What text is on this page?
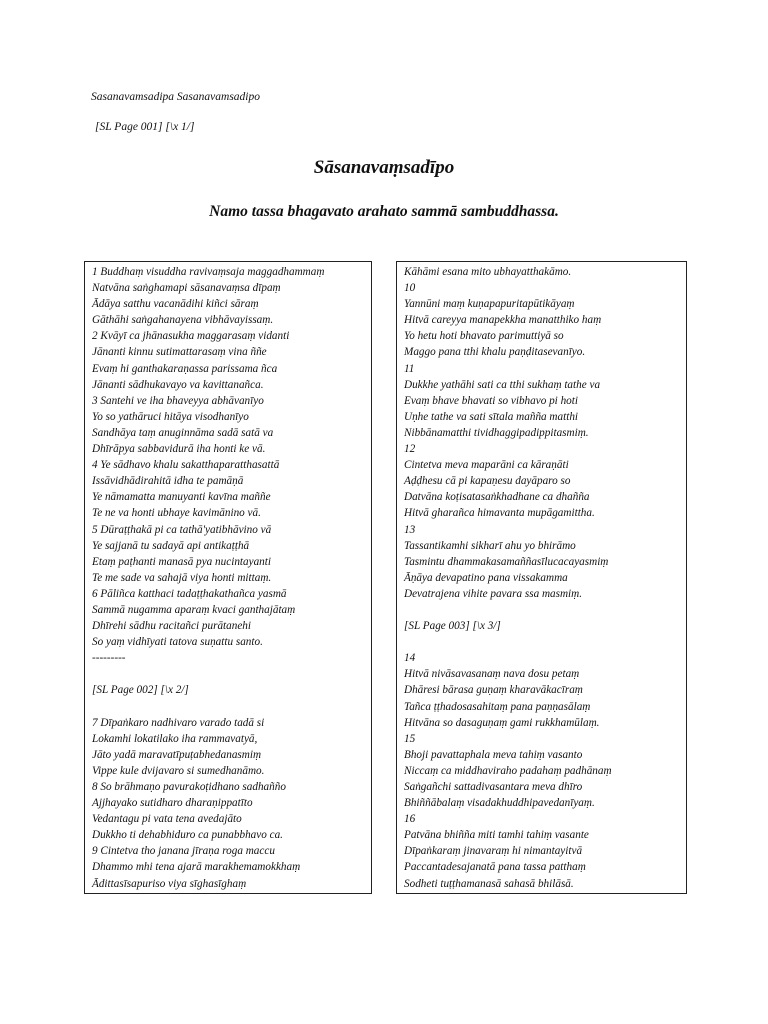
Sasanavamsadipa Sasanavamsadipo
[SL Page 001] [\x 1/]
Sāsanavaṃsadīpo
Namo tassa bhagavato arahato sammā sambuddhassa.
1 Buddhaṃ visuddha ravivaṃsaja maggadhammaṃ
Natvāna saṅghamapi sāsanavaṃsa dīpaṃ
Ādāya satthu vacanādihi kiñci sāraṃ
Gāthāhi saṅgahanayena vibhāvayissaṃ.
2 Kvāyī ca jhānasukha maggarasaṃ vidanti
Jānanti kinnu sutimattarasaṃ vina ññe
Evaṃ hi ganthakaraṇassa parissama ñca
Jānanti sādhukavayo va kavittanañca.
3 Santehi ve iha bhaveyya abhāvanīyo
Yo so yathāruci hitāya visodhanīyo
Sandhāya taṃ anuginnāma sadā satā va
Dhīrāpya sabbavidurā iha honti ke vā.
4 Ye sādhavo khalu sakatthaparatthasattā
Issāvidhādirahitā idha te pamāṇā
Ye nāmamatta manuyanti kavīna maññe
Te ne va honti ubhaye kavimānino vā.
5 Dūraṭṭhakā pi ca tathā'yatibhāvino vā
Ye sajjanā tu sadayā api antikaṭṭhā
Etaṃ paṭhanti manasā pya nucintayanti
Te me sade va sahajā viya honti mittaṃ.
6 Pāliñca katthaci tadaṭṭhakathañca yasmā
Sammā nugamma aparaṃ kvaci ganthajātaṃ
Dhīrehi sādhu racitañci purātanehi
So yaṃ vidhīyati tatova suṇattu santo.
---------
[SL Page 002] [\x 2/]
7 Dīpaṅkaro nadhivaro varado tadā si
Lokamhi lokatilako iha rammavatyā,
Jāto yadā maravatīpuṭabhedanasmiṃ
Vippe kule dvijavaro si sumedhanāmo.
8 So brāhmaṇo pavurakoṭidhano sadhañño
Ajjhayako sutidharo dharaṇippatīto
Vedantagu pi vata tena avedajāto
Dukkho ti dehabhiduro ca punabbhavo ca.
9 Cintetva tho janana jīraṇa roga maccu
Dhammo mhi tena ajarā marakhemamokkhaṃ
Ādittasīsapuriso viya sīghasīghaṃ
Kāhāmi esana mito ubhayatthakāmo.
10
Yannūni maṃ kuṇapapuritapūtikāyaṃ
Hitvā careyya manapekkha manatthiko haṃ
Yo hetu hoti bhavato parimuttiyā so
Maggo pana tthi khalu paṇḍitasevanīyo.
11
Dukkhe yathāhi sati ca tthi sukhaṃ tathe va
Evaṃ bhave bhavati so vibhavo pi hoti
Uṇhe tathe va sati sītala mañña matthi
Nibbānamatthi tividhaggipadippitasmiṃ.
12
Cintetva meva maparāni ca kāraṇāti
Aḍḍhesu cā pi kapaṇesu dayāparo so
Datvāna koṭisatasaṅkhadhane ca dhañña
Hitvā gharañca himavanta mupāgamittha.
13
Tassantikamhi sikharī ahu yo bhirāmo
Tasmintu dhammakasamaññasīlucacayasmiṃ
Āṇāya devapatino pana vissakamma
Devatrajena vihite pavara ssa masmiṃ.
[SL Page 003] [\x 3/]
14
Hitvā nivāsavasanaṃ nava dosu petaṃ
Dhāresi bārasa guṇaṃ kharavākacīraṃ
Tañca ṭṭhadosasahitaṃ pana paṇṇasālaṃ
Hitvāna so dasaguṇaṃ gami rukkhamūlaṃ.
15
Bhoji pavattaphala meva tahiṃ vasanto
Niccaṃ ca middhaviraho padahaṃ padhānaṃ
Saṅgañchi sattadivasantara meva dhīro
Bhiññābalaṃ visadakhuddhipavedanīyaṃ.
16
Patvāna bhiñña miti tamhi tahiṃ vasante
Dīpaṅkaraṃ jinavaraṃ hi nimantayitvā
Paccantadesajanatā pana tassa patthaṃ
Sodheti tuṭṭhamanasā sahasā bhilāsā.
